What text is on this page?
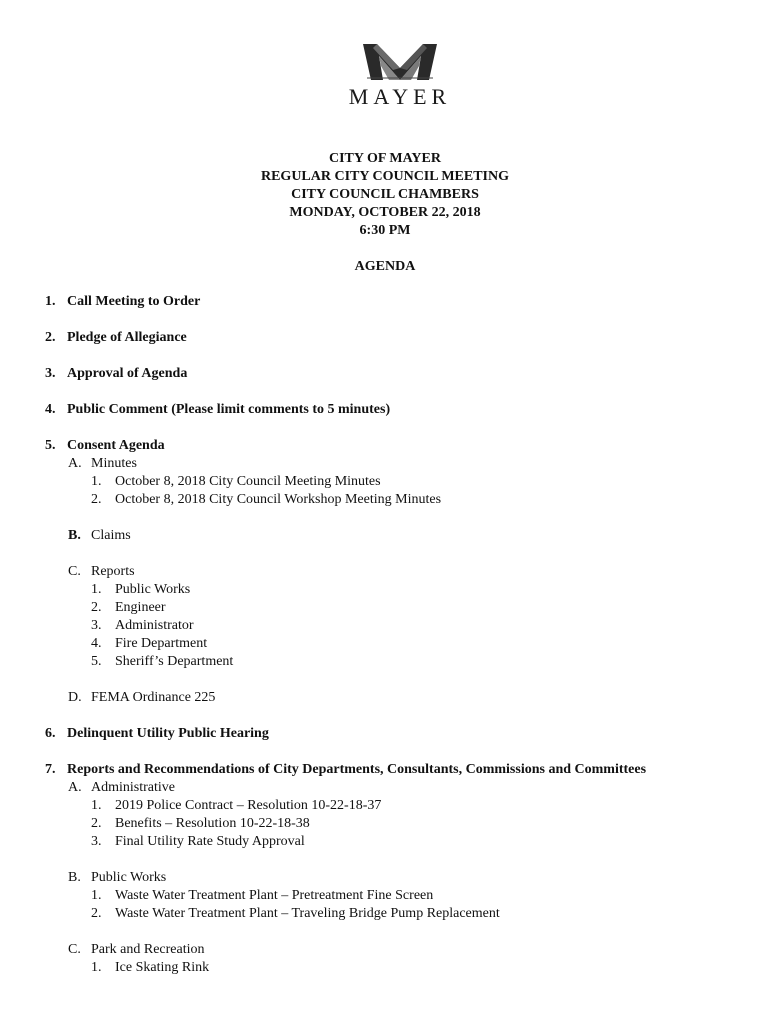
MAYER
CITY OF MAYER
REGULAR CITY COUNCIL MEETING
CITY COUNCIL CHAMBERS
MONDAY, OCTOBER 22, 2018
6:30 PM
AGENDA
1. Call Meeting to Order
2. Pledge of Allegiance
3. Approval of Agenda
4. Public Comment (Please limit comments to 5 minutes)
5. Consent Agenda
A. Minutes
1. October 8, 2018 City Council Meeting Minutes
2. October 8, 2018 City Council Workshop Meeting Minutes
B. Claims
C. Reports
1. Public Works
2. Engineer
3. Administrator
4. Fire Department
5. Sheriff’s Department
D. FEMA Ordinance 225
6. Delinquent Utility Public Hearing
7. Reports and Recommendations of City Departments, Consultants, Commissions and Committees
A. Administrative
1. 2019 Police Contract – Resolution 10-22-18-37
2. Benefits – Resolution 10-22-18-38
3. Final Utility Rate Study Approval
B. Public Works
1. Waste Water Treatment Plant – Pretreatment Fine Screen
2. Waste Water Treatment Plant – Traveling Bridge Pump Replacement
C. Park and Recreation
1. Ice Skating Rink
